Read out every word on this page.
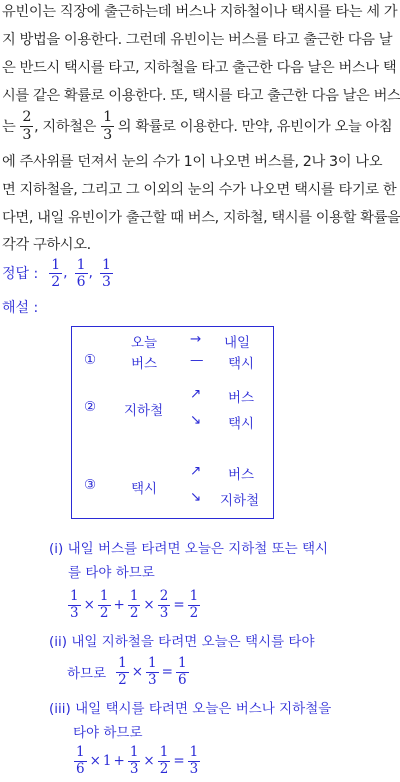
유빈이는 직장에 출근하는데 버스나 지하철이나 택시를 타는 세 가
지 방법을 이용한다. 그런데 유빈이는 버스를 타고 출근한 다음 날
은 반드시 택시를 타고, 지하철을 타고 출근한 다음 날은 버스나 택
시를 같은 확률로 이용한다. 또, 택시를 타고 출근한 다음 날은 버스
는 $\frac{2}{3}$ , 지하철은 $\frac{1}{3}$ 의 확률로 이용한다. 만약, 유빈이가 오늘 아침
에 주사위를 던져서 눈의 수가 1이 나오면 버스를, 2나 3이 나오
면 지하철을, 그리고 그 이외의 눈의 수가 나오면 택시를 타기로 한
다면, 내일 유빈이가 출근할 때 버스, 지하철, 택시를 이용할 확률을
각각 구하시오.
정답 : $\frac{1}{2}$ , $\frac{1}{6}$ , $\frac{1}{3}$
해설 :
오늘 → 내일
①	버스 — 택시
② 지하철
↗ 버스
↘ 택시
③	택시
↗ 버스
↘ 지하철
(i) 내일 버스를 타려면 오늘은 지하철 또는 택시
를 타야 하므로
$\frac{1}{3} \times \frac{1}{2} + \frac{1}{2} \times \frac{2}{3} = \frac{1}{2}$
(ii) 내일 지하철을 타려면 오늘은 택시를 타야
하므로 $\frac{1}{2} \times \frac{1}{3} = \frac{1}{6}$
(iii) 내일 택시를 타려면 오늘은 버스나 지하철을
타야 하므로
$\frac{1}{6} \times 1 + \frac{1}{3} \times \frac{1}{2} = \frac{1}{3}$
